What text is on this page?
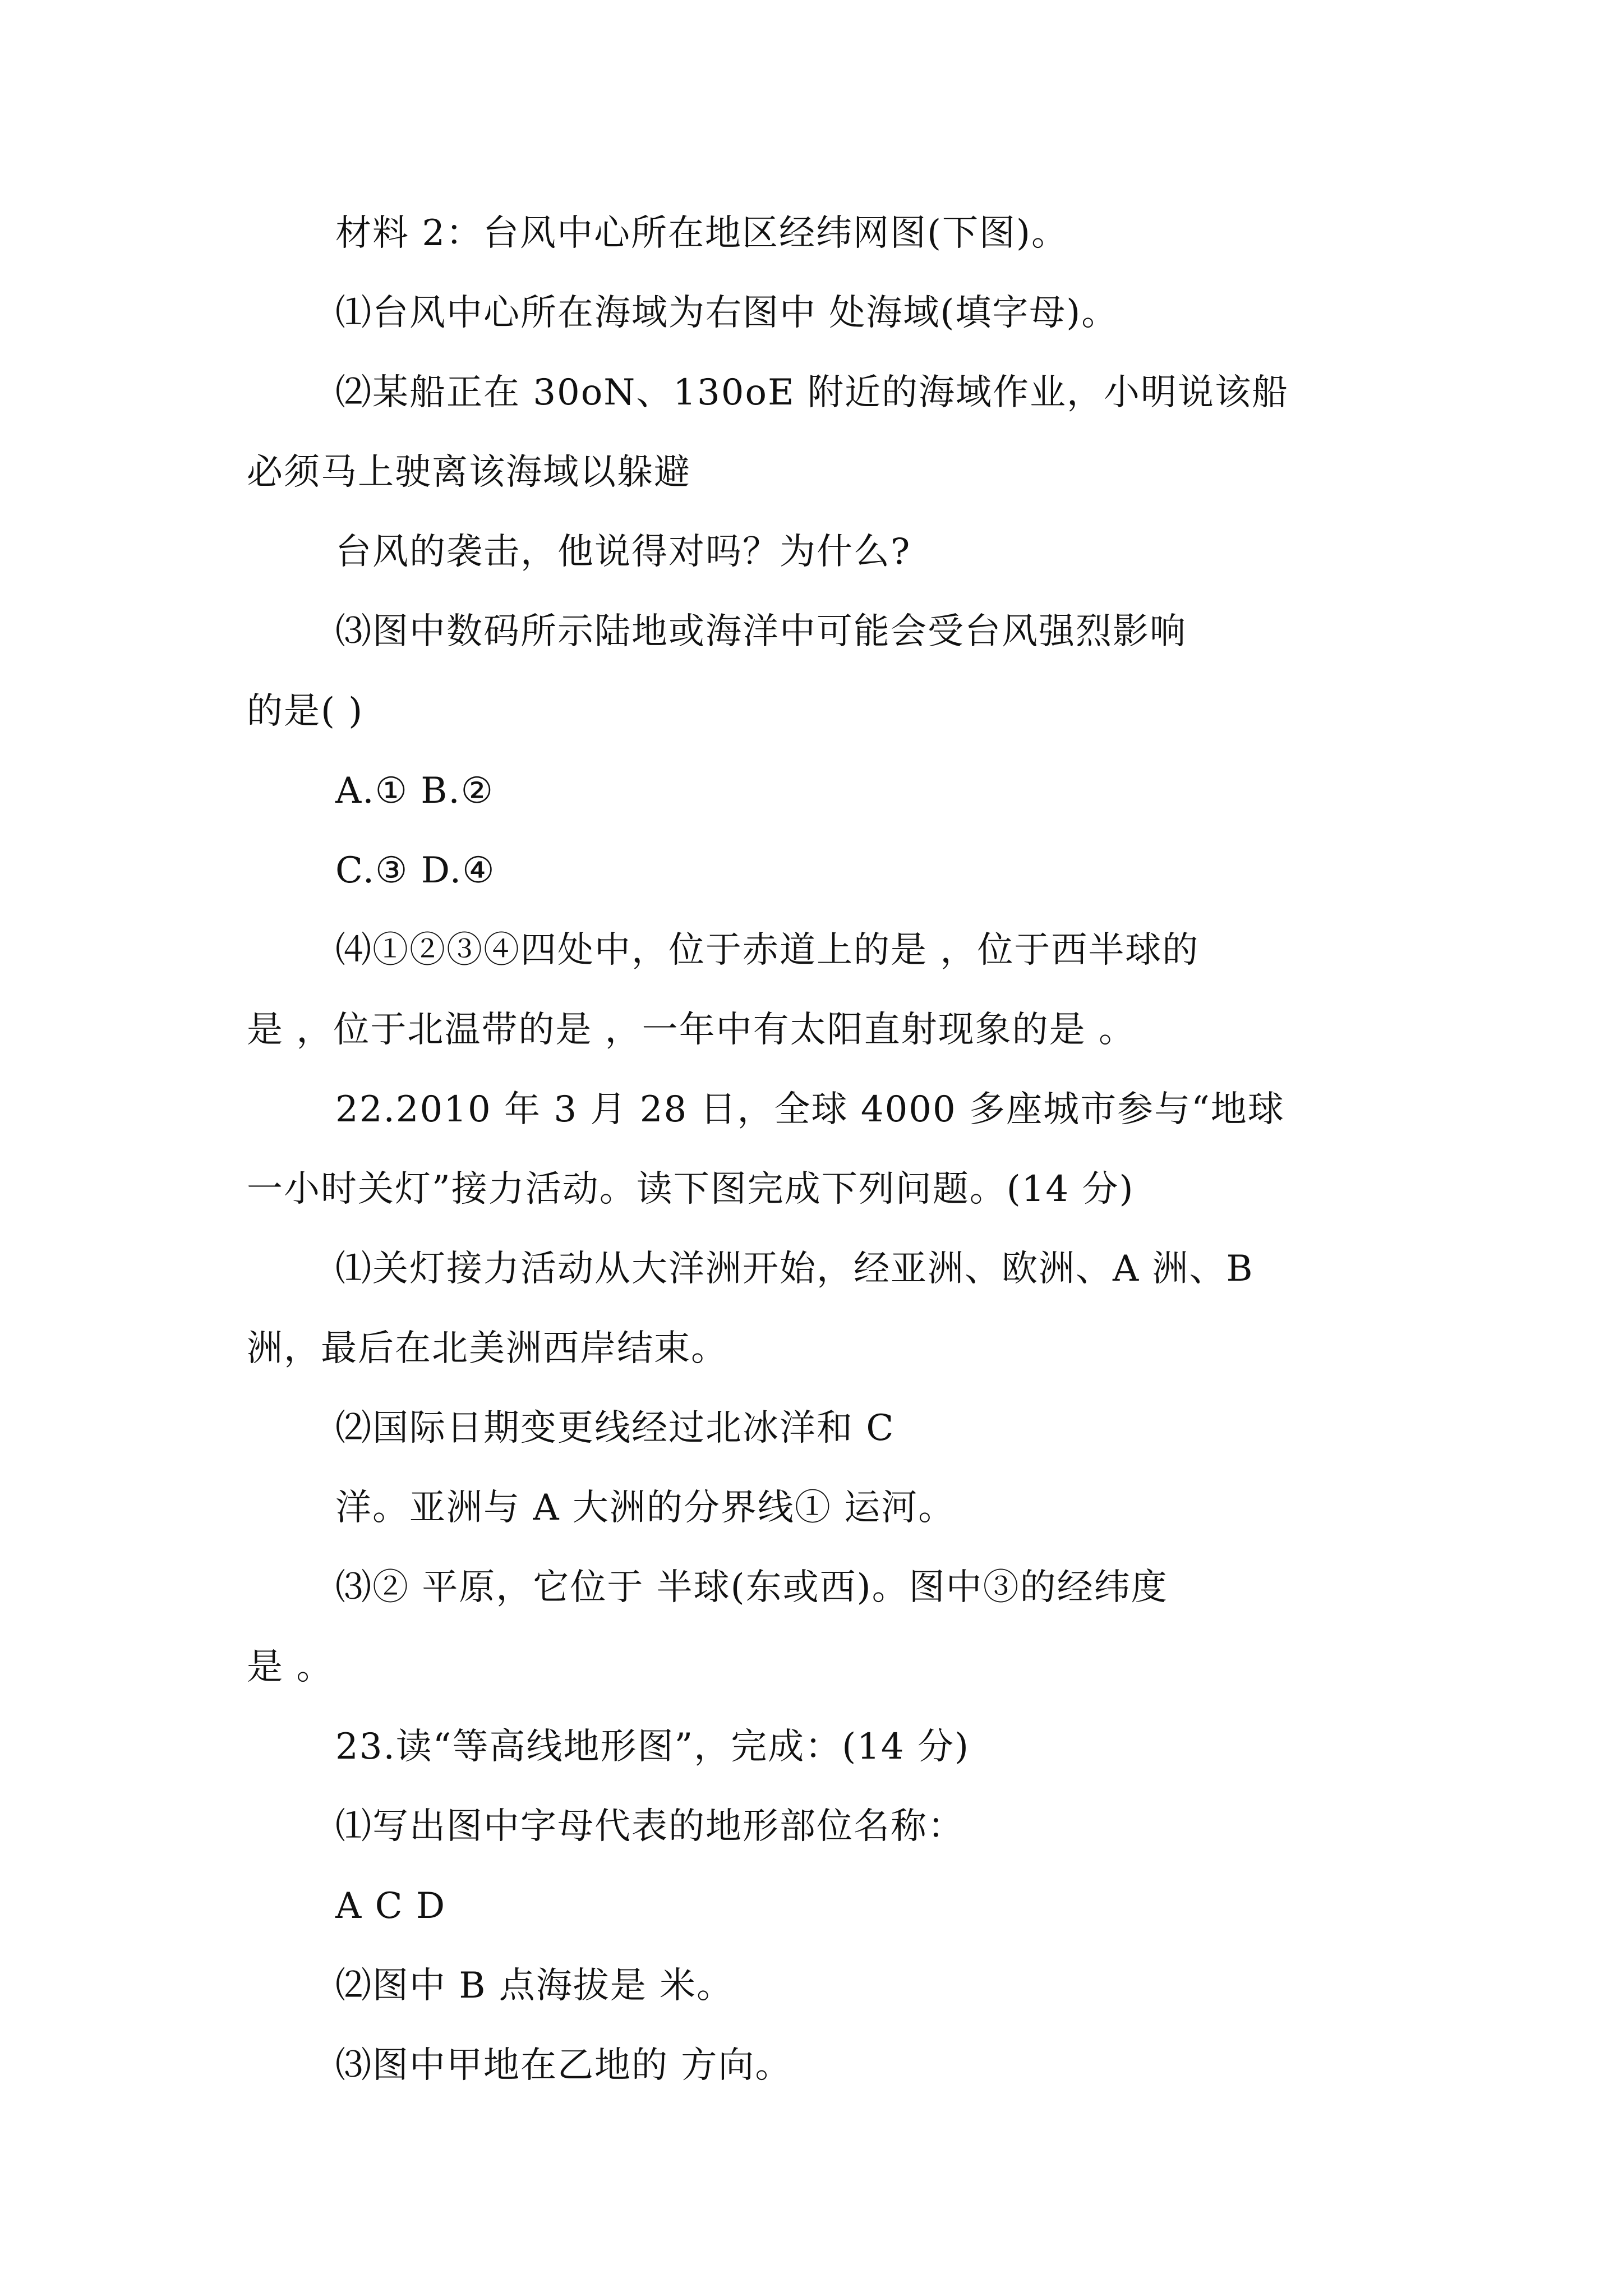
材料 2：台风中心所在地区经纬网图(下图)。
⑴台风中心所在海域为右图中 处海域(填字母)。
⑵某船正在 30oN、130oE 附近的海域作业，小明说该船
必须马上驶离该海域以躲避
台风的袭击，他说得对吗？为什么?
⑶图中数码所示陆地或海洋中可能会受台风强烈影响
的是( )
A.① B.②
C.③ D.④
⑷①②③④四处中，位于赤道上的是 ，位于西半球的
是 ，位于北温带的是 ，一年中有太阳直射现象的是 。
22.2010 年 3 月 28 日，全球 4000 多座城市参与“地球
一小时关灯”接力活动。读下图完成下列问题。(14 分)
⑴关灯接力活动从大洋洲开始，经亚洲、欧洲、A 洲、B
洲，最后在北美洲西岸结束。
⑵国际日期变更线经过北冰洋和 C
洋。亚洲与 A 大洲的分界线① 运河。
⑶② 平原，它位于 半球(东或西)。图中③的经纬度
是 。
23.读“等高线地形图”，完成：(14 分)
⑴写出图中字母代表的地形部位名称：
A C D
⑵图中 B 点海拔是 米。
⑶图中甲地在乙地的 方向。
